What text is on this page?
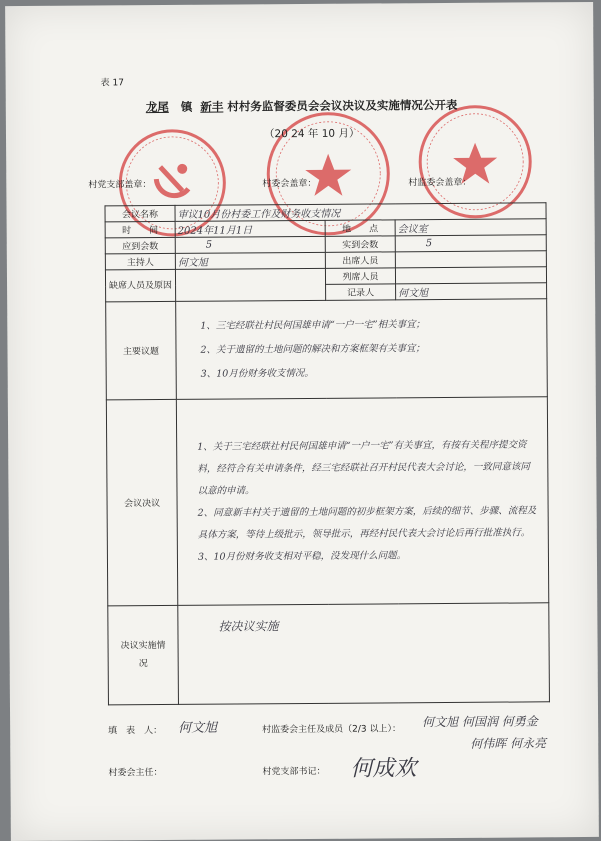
表 17
龙尾 镇 新丰 村村务监督委员会会议决议及实施情况公开表
（20 24 年 10 月）
村党支部盖章：	村委会盖章：	村监委会盖章：
会议名称	审议10月份村委工作及财务收支情况		
时　　间	2024年11月1日	地　　点	会议室
应到会数	5	实到会数	5
主持人	何文旭	出席人员	
缺席人员及原因		列席人员	
		记录人	何文旭
主要议题	1、三宅经联社村民何国雄申请“一户一宅”相关事宜；
2、关于遗留的土地问题的解决和方案框架有关事宜；
3、10月份财务收支情况。		

会议决议	1、关于三宅经联社村民何国雄申请“一户一宅”有关事宜，有按有关程序提交资料，经符合有关申请条件，经三宅经联社召开村民代表大会讨论，一致同意该同以意的申请。
2、同意新丰村关于遗留的土地问题的初步框架方案，后续的细节、步骤、流程及具体方案，等待上级批示，领导批示，再经村民代表大会讨论后再行批准执行。
3、10月份财务收支相对平稳，没发现什么问题。		

决议实施情况	按决议实施		
填　表　人： 何文旭	村监委会主任及成员（2/3 以上）：
何文旭 何国润 何勇金
何伟晖 何永亮
村委会主任：	村党支部书记： 何成欢
